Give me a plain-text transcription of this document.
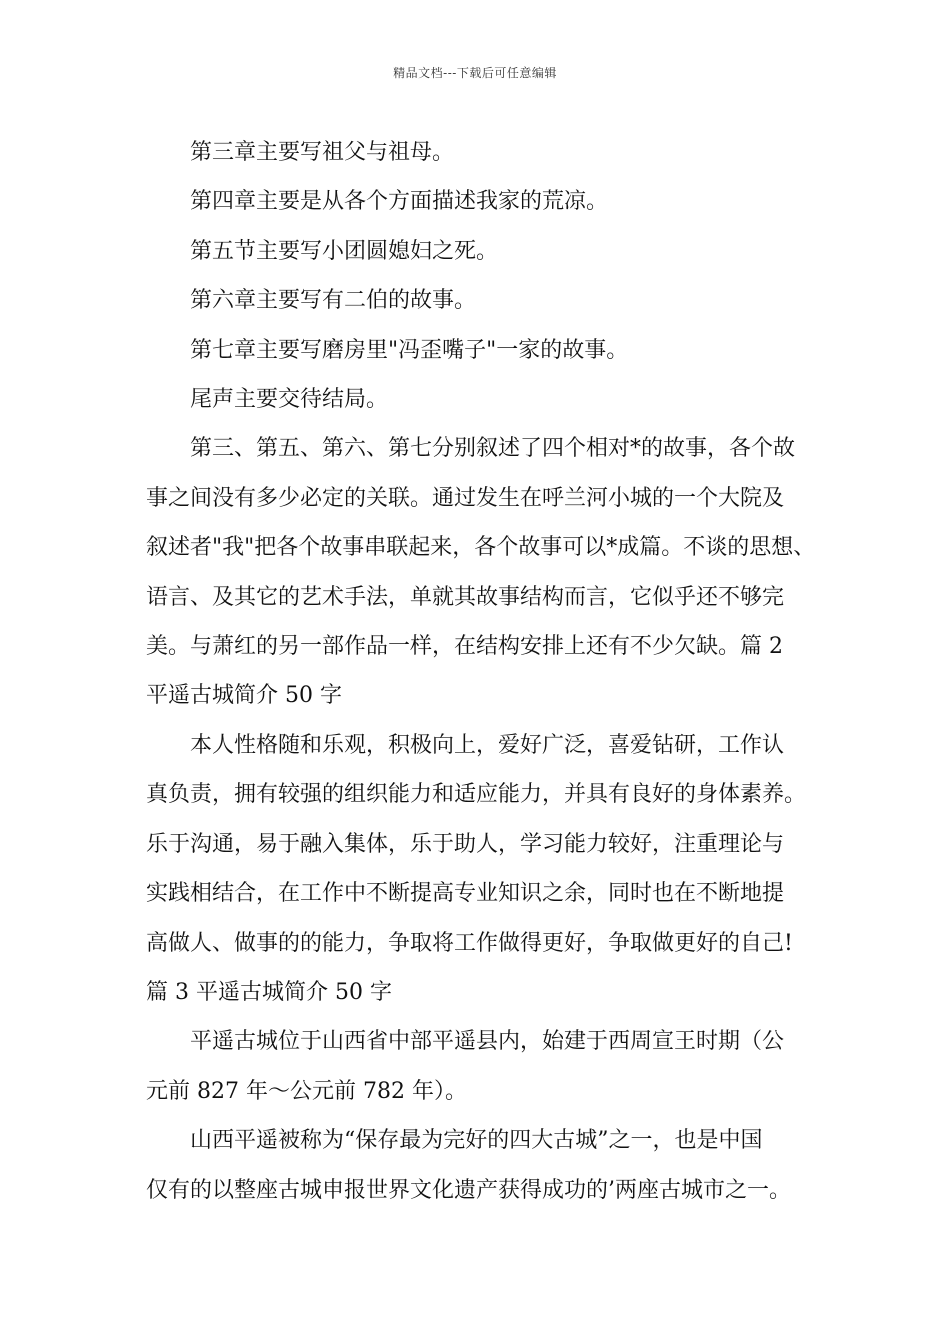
精品文档---下载后可任意编辑
第三章主要写祖父与祖母。
第四章主要是从各个方面描述我家的荒凉。
第五节主要写小团圆媳妇之死。
第六章主要写有二伯的故事。
第七章主要写磨房里"冯歪嘴子"一家的故事。
尾声主要交待结局。
第三、第五、第六、第七分别叙述了四个相对*的故事，各个故
事之间没有多少必定的关联。通过发生在呼兰河小城的一个大院及
叙述者"我"把各个故事串联起来，各个故事可以*成篇。不谈的思想、
语言、及其它的艺术手法，单就其故事结构而言，它似乎还不够完
美。与萧红的另一部作品一样，在结构安排上还有不少欠缺。篇 2
平遥古城简介 50 字
本人性格随和乐观，积极向上，爱好广泛，喜爱钻研，工作认
真负责，拥有较强的组织能力和适应能力，并具有良好的身体素养。
乐于沟通，易于融入集体，乐于助人，学习能力较好，注重理论与
实践相结合，在工作中不断提高专业知识之余，同时也在不断地提
高做人、做事的的能力，争取将工作做得更好，争取做更好的自己!
篇 3 平遥古城简介 50 字
平遥古城位于山西省中部平遥县内，始建于西周宣王时期（公
元前 827 年～公元前 782 年）。
山西平遥被称为“保存最为完好的四大古城”之一，也是中国
仅有的以整座古城申报世界文化遗产获得成功的’两座古城市之一。
